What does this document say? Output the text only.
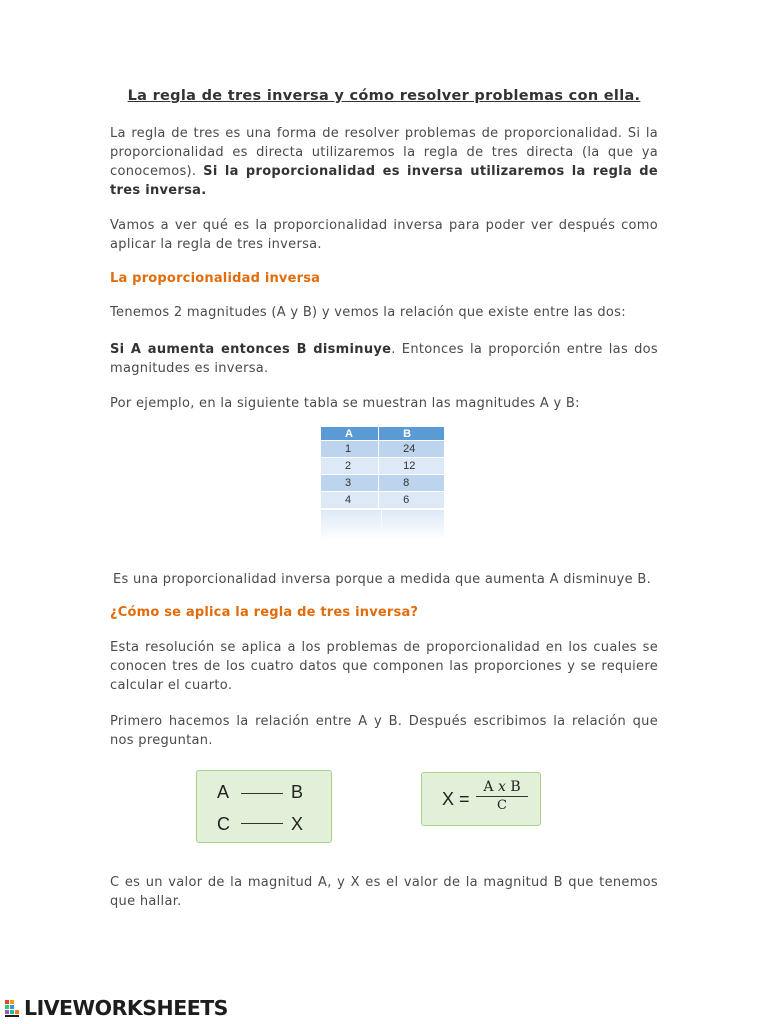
La regla de tres inversa y cómo resolver problemas con ella.
La regla de tres es una forma de resolver problemas de proporcionalidad. Si la proporcionalidad es directa utilizaremos la regla de tres directa (la que ya conocemos). Si la proporcionalidad es inversa utilizaremos la regla de tres inversa.
Vamos a ver qué es la proporcionalidad inversa para poder ver después como aplicar la regla de tres inversa.
La proporcionalidad inversa
Tenemos 2 magnitudes (A y B) y vemos la relación que existe entre las dos:
Si A aumenta entonces B disminuye. Entonces la proporción entre las dos magnitudes es inversa.
Por ejemplo, en la siguiente tabla se muestran las magnitudes A y B:
A	B
1	24
2	12
3	8
4	6
Es una proporcionalidad inversa porque a medida que aumenta A disminuye B.
¿Cómo se aplica la regla de tres inversa?
Esta resolución se aplica a los problemas de proporcionalidad en los cuales se conocen tres de los cuatro datos que componen las proporciones y se requiere calcular el cuarto.
Primero hacemos la relación entre A y B. Después escribimos la relación que nos preguntan.
A	B
C	X
$X = \frac{\text{A x B}}{C}$
C es un valor de la magnitud A, y X es el valor de la magnitud B que tenemos que hallar.
LIVEWORKSHEETS
